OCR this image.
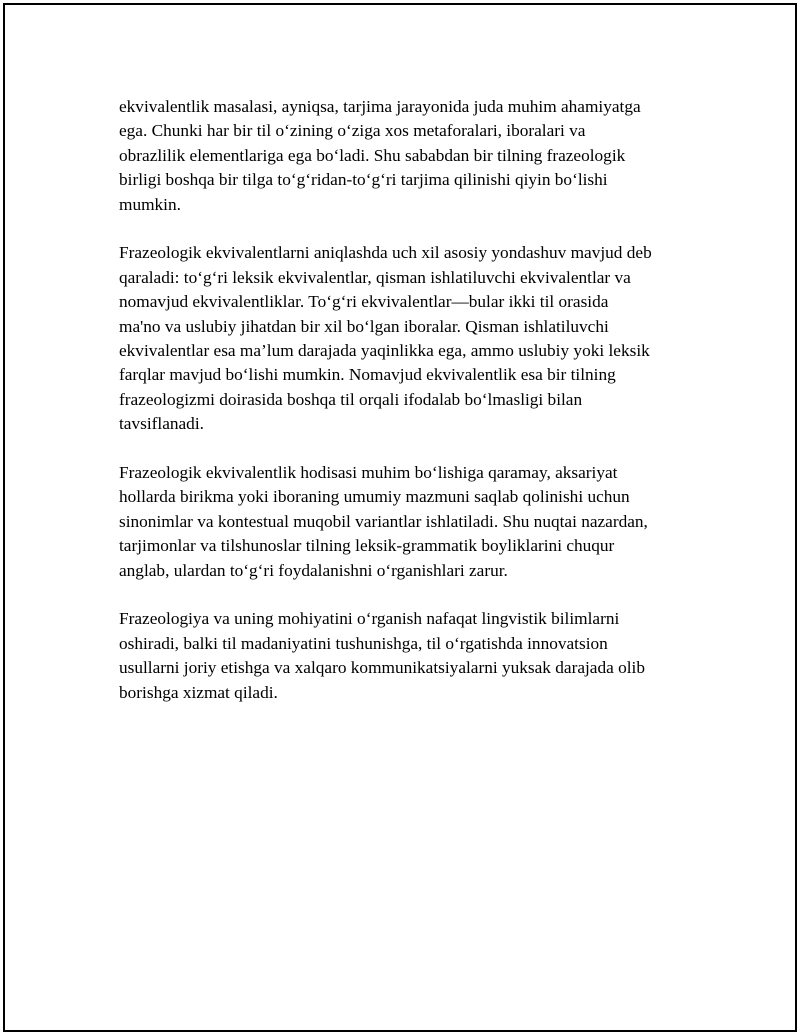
ekvivalentlik masalasi, ayniqsa, tarjima jarayonida juda muhim ahamiyatga
ega. Chunki har bir til o‘zining o‘ziga xos metaforalari, iboralari va
obrazlilik elementlariga ega bo‘ladi. Shu sababdan bir tilning frazeologik
birligi boshqa bir tilga to‘g‘ridan-to‘g‘ri tarjima qilinishi qiyin bo‘lishi
mumkin.

Frazeologik ekvivalentlarni aniqlashda uch xil asosiy yondashuv mavjud deb
qaraladi: to‘g‘ri leksik ekvivalentlar, qisman ishlatiluvchi ekvivalentlar va
nomavjud ekvivalentliklar. To‘g‘ri ekvivalentlar—bular ikki til orasida
ma'no va uslubiy jihatdan bir xil bo‘lgan iboralar. Qisman ishlatiluvchi
ekvivalentlar esa ma’lum darajada yaqinlikka ega, ammo uslubiy yoki leksik
farqlar mavjud bo‘lishi mumkin. Nomavjud ekvivalentlik esa bir tilning
frazeologizmi doirasida boshqa til orqali ifodalab bo‘lmasligi bilan
tavsiflanadi.

Frazeologik ekvivalentlik hodisasi muhim bo‘lishiga qaramay, aksariyat
hollarda birikma yoki iboraning umumiy mazmuni saqlab qolinishi uchun
sinonimlar va kontestual muqobil variantlar ishlatiladi. Shu nuqtai nazardan,
tarjimonlar va tilshunoslar tilning leksik-grammatik boyliklarini chuqur
anglab, ulardan to‘g‘ri foydalanishni o‘rganishlari zarur.

Frazeologiya va uning mohiyatini o‘rganish nafaqat lingvistik bilimlarni
oshiradi, balki til madaniyatini tushunishga, til o‘rgatishda innovatsion
usullarni joriy etishga va xalqaro kommunikatsiyalarni yuksak darajada olib
borishga xizmat qiladi.
